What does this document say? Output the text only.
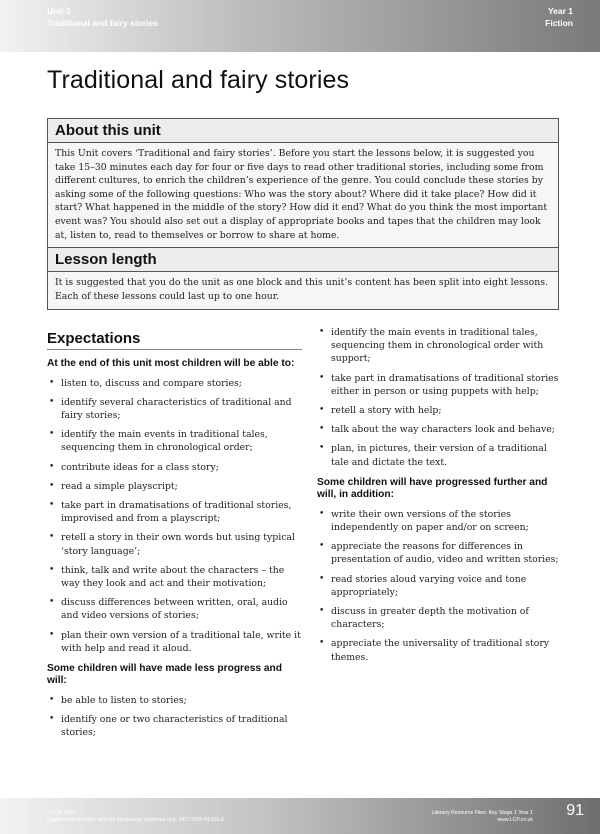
Unit 3
Traditional and fairy stories
Year 1
Fiction
Traditional and fairy stories
About this unit
This Unit covers ‘Traditional and fairy stories’. Before you start the lessons below, it is suggested you take 15–30 minutes each day for four or five days to read other traditional stories, including some from different cultures, to enrich the children’s experience of the genre. You could conclude these stories by asking some of the following questions: Who was the story about? Where did it take place? How did it start? What happened in the middle of the story? How did it end? What do you think the most important event was? You should also set out a display of appropriate books and tapes that the children may look at, listen to, read to themselves or borrow to share at home.
Lesson length
It is suggested that you do the unit as one block and this unit’s content has been split into eight lessons. Each of these lessons could last up to one hour.
Expectations
At the end of this unit most children will be able to:
• listen to, discuss and compare stories;
• identify several characteristics of traditional and fairy stories;
• identify the main events in traditional tales, sequencing them in chronological order;
• contribute ideas for a class story;
• read a simple playscript;
• take part in dramatisations of traditional stories, improvised and from a playscript;
• retell a story in their own words but using typical ‘story language’;
• think, talk and write about the characters – the way they look and act and their motivation;
• discuss differences between written, oral, audio and video versions of stories;
• plan their own version of a traditional tale, write it with help and read it aloud.
Some children will have made less progress and will:
• be able to listen to stories;
• identify one or two characteristics of traditional stories;
• identify the main events in traditional tales, sequencing them in chronological order with support;
• take part in dramatisations of traditional stories either in person or using puppets with help;
• retell a story with help;
• talk about the way characters look and behave;
• plan, in pictures, their version of a traditional tale and dictate the text.
Some children will have progressed further and will, in addition:
• write their own versions of the stories independently on paper and/or on screen;
• appreciate the reasons for differences in presentation of audio, video and written stories;
• read stories aloud varying voice and tone appropriately;
• discuss in greater depth the motivation of characters;
• appreciate the universality of traditional story themes.
© LCP 2014
Copies may be made with the purchasing institution only. NOT FOR RESALE
Literacy Resource Files: Key Stage 1 Year 1
www.LCP.co.uk
91
